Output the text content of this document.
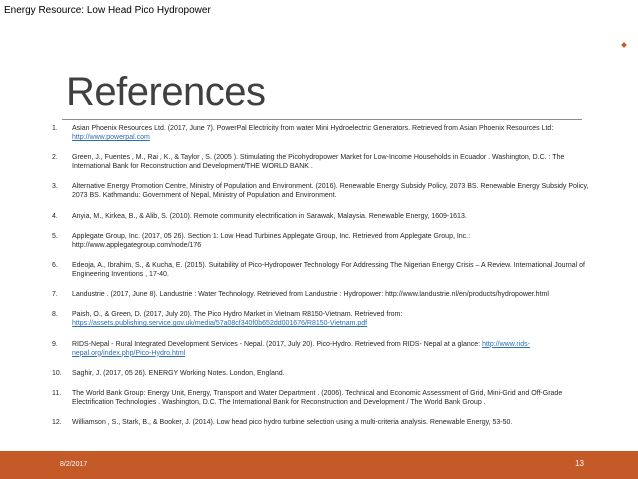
Energy Resource: Low Head Pico Hydropower
References
1.	Asian Phoenix Resources Ltd. (2017, June 7). PowerPal Electricity from water Mini Hydroelectric Generators. Retrieved from Asian Phoenix Resources Ltd: http://www.powerpal.com
2.	Green, J., Fuentes , M., Rai , K., & Taylor , S. (2005 ). Stimulating the Picohydropower Market for Low-Income Households in Ecuador . Washington, D.C. : The International Bank for Reconstruction and Development/THE WORLD BANK .
3.	Alternative Energy Promotion Centre, Ministry of Population and Environment. (2016). Renewable Energy Subsidy Policy, 2073 BS. Renewable Energy Subsidy Policy, 2073 BS. Kathmandu: Government of Nepal, Ministry of Population and Environment.
4.	Anyia, M., Kirkea, B., & Alib, S. (2010). Remote community electrification in Sarawak, Malaysia. Renewable Energy, 1609-1613.
5.	Applegate Group, Inc. (2017, 05 26). Section 1: Low Head Turbines Applegate Group, Inc. Retrieved from Applegate Group, Inc.: http://www.applegategroup.com/node/176
6.	Edeoja, A., Ibrahim, S., & Kucha, E. (2015). Suitability of Pico-Hydropower Technology For Addressing The Nigerian Energy Crisis – A Review. International Journal of Engineering Inventions , 17-40.
7.	Landustrie . (2017, June 8). Landustrie : Water Technology. Retrieved from Landustrie : Hydropower: http://www.landustrie.nl/en/products/hydropower.html
8.	Paish, O., & Green, D. (2017, July 20). The Pico Hydro Market in Vietnam R8150-Vietnam. Retrieved from: https://assets.publishing.service.gov.uk/media/57a08cf340f0b652dd001676/R8150-Vietnam.pdf
9.	RIDS-Nepal - Rural Integrated Development Services - Nepal. (2017, July 20). Pico-Hydro. Retrieved from RIDS- Nepal at a glance: http://www.rids-nepal.org/index.php/Pico-Hydro.html
10.	Saghir, J. (2017, 05 26). ENERGY Working Notes. London, England.
11.	The World Bank Group: Energy Unit, Energy, Transport and Water Department . (2006). Technical and Economic Assessment of Grid, Mini-Grid and Off-Grade Electrification Technologies . Washington, D.C. The International Bank for Reconstruction and Development / The World Bank Group .
12.	Williamson , S., Stark, B., & Booker, J. (2014). Low head pico hydro turbine selection using a multi-criteria analysis. Renewable Energy, 53-50.
8/2/2017	13
